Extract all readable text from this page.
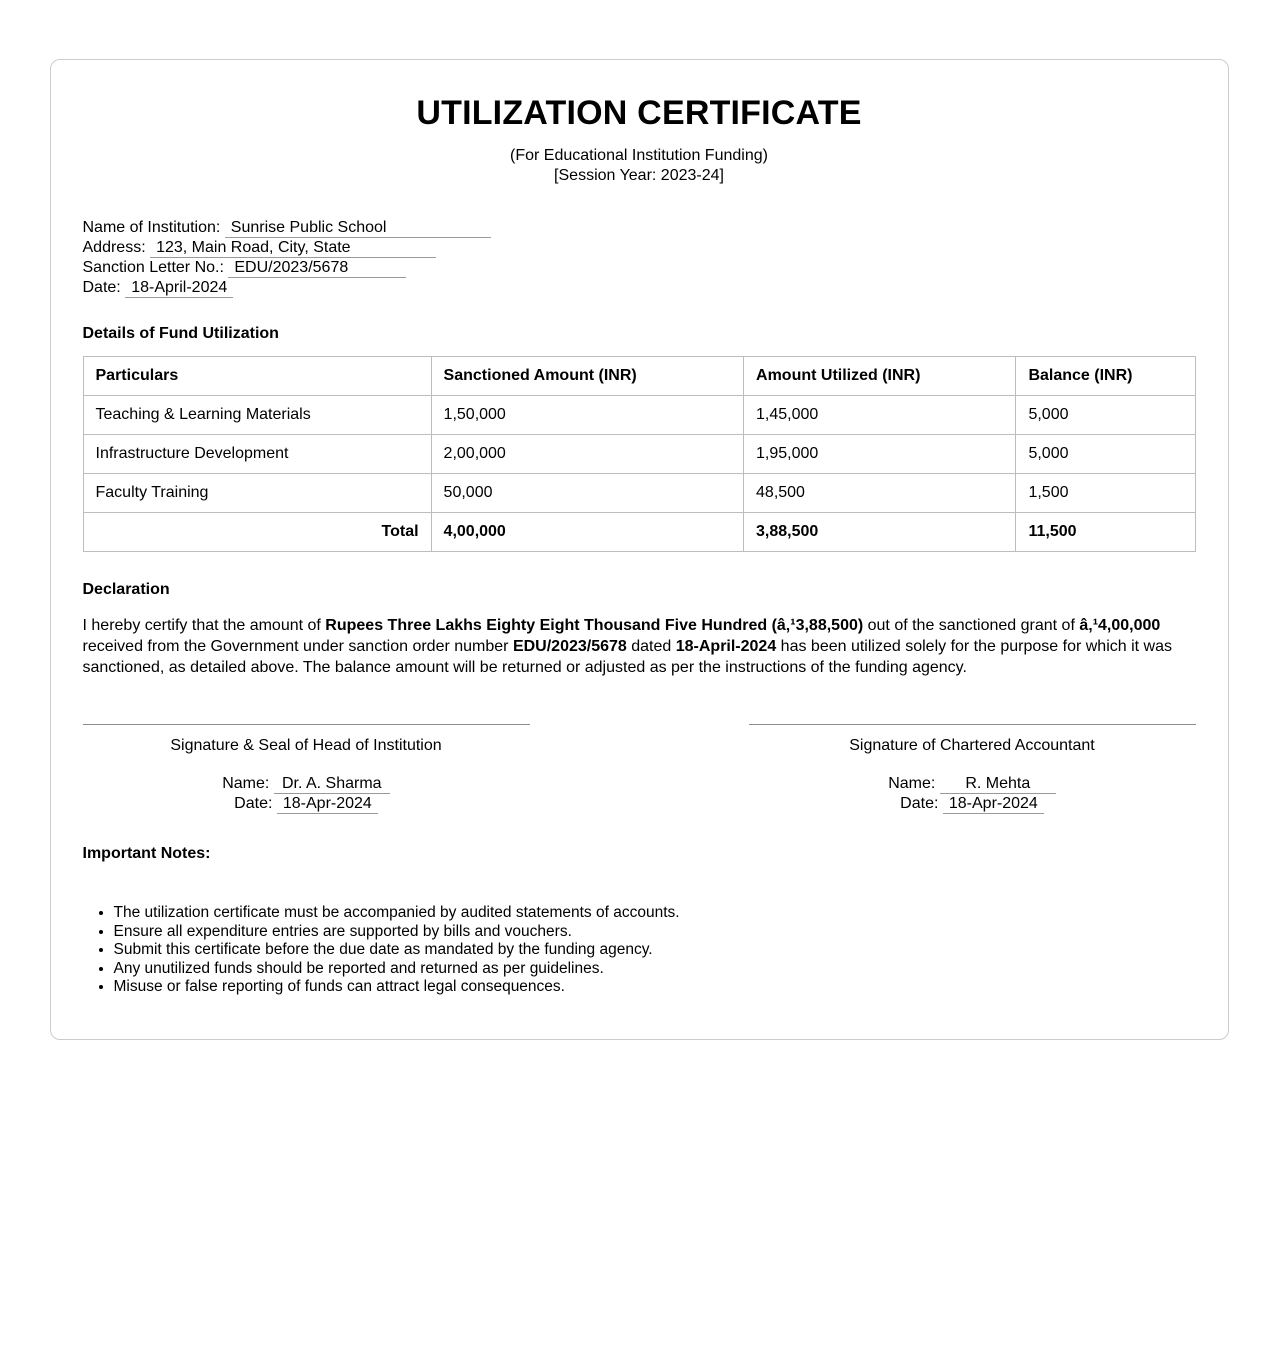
UTILIZATION CERTIFICATE
(For Educational Institution Funding)
[Session Year: 2023-24]
Name of Institution: Sunrise Public School
Address: 123, Main Road, City, State
Sanction Letter No.: EDU/2023/5678
Date: 18-April-2024
Details of Fund Utilization
Particulars	Sanctioned Amount (INR)	Amount Utilized (INR)	Balance (INR)
Teaching & Learning Materials	1,50,000	1,45,000	5,000
Infrastructure Development	2,00,000	1,95,000	5,000
Faculty Training	50,000	48,500	1,500
Total	4,00,000	3,88,500	11,500
Declaration

I hereby certify that the amount of Rupees Three Lakhs Eighty Eight Thousand Five Hundred (â‚¹3,88,500) out of the sanctioned grant of â‚¹4,00,000 received from the Government under sanction order number EDU/2023/5678 dated 18-April-2024 has been utilized solely for the purpose for which it was sanctioned, as detailed above. The balance amount will be returned or adjusted as per the instructions of the funding agency.

Signature & Seal of Head of Institution
Name: Dr. A. Sharma
Date: 18-Apr-2024
Signature of Chartered Accountant
Name: R. Mehta
Date: 18-Apr-2024
Important Notes:
• The utilization certificate must be accompanied by audited statements of accounts.
• Ensure all expenditure entries are supported by bills and vouchers.
• Submit this certificate before the due date as mandated by the funding agency.
• Any unutilized funds should be reported and returned as per guidelines.
• Misuse or false reporting of funds can attract legal consequences.
